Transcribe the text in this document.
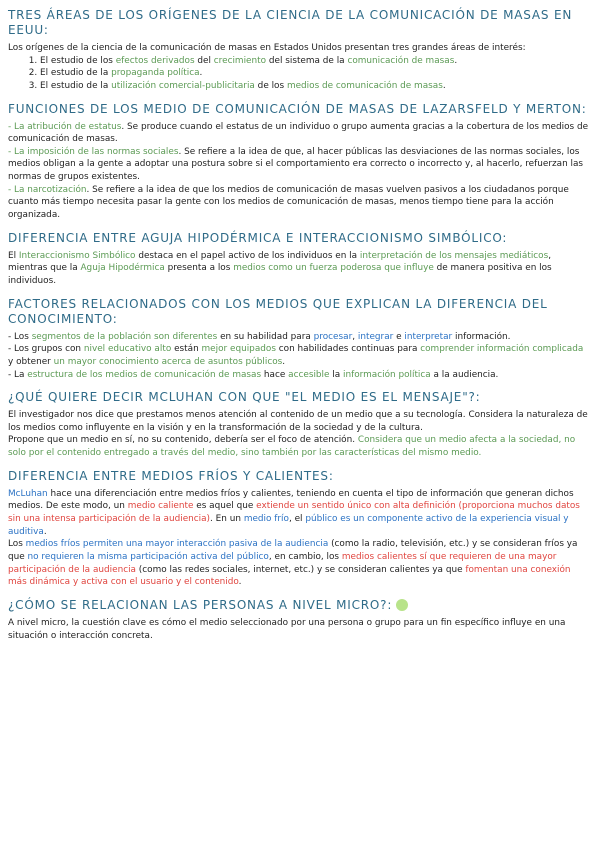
TRES ÁREAS DE LOS ORÍGENES DE LA CIENCIA DE LA COMUNICACIÓN DE MASAS EN EEUU:

Los orígenes de la ciencia de la comunicación de masas en Estados Unidos presentan tres grandes áreas de interés:

1. El estudio de los efectos derivados del crecimiento del sistema de la comunicación de masas.
2. El estudio de la propaganda política.
3. El estudio de la utilización comercial-publicitaria de los medios de comunicación de masas.
FUNCIONES DE LOS MEDIO DE COMUNICACIÓN DE MASAS DE LAZARSFELD Y MERTON:

- La atribución de estatus. Se produce cuando el estatus de un individuo o grupo aumenta gracias a la cobertura de los medios de comunicación de masas.

- La imposición de las normas sociales. Se refiere a la idea de que, al hacer públicas las desviaciones de las normas sociales, los medios obligan a la gente a adoptar una postura sobre si el comportamiento era correcto o incorrecto y, al hacerlo, refuerzan las normas de grupos existentes.

- La narcotización. Se refiere a la idea de que los medios de comunicación de masas vuelven pasivos a los ciudadanos porque cuanto más tiempo necesita pasar la gente con los medios de comunicación de masas, menos tiempo tiene para la acción organizada.

DIFERENCIA ENTRE AGUJA HIPODÉRMICA E INTERACCIONISMO SIMBÓLICO:

El Interaccionismo Simbólico destaca en el papel activo de los individuos en la interpretación de los mensajes mediáticos, mientras que la Aguja Hipodérmica presenta a los medios como un fuerza poderosa que influye de manera positiva en los individuos.

FACTORES RELACIONADOS CON LOS MEDIOS QUE EXPLICAN LA DIFERENCIA DEL CONOCIMIENTO:

- Los segmentos de la población son diferentes en su habilidad para procesar, integrar e interpretar información.

- Los grupos con nivel educativo alto están mejor equipados con habilidades continuas para comprender información complicada y obtener un mayor conocimiento acerca de asuntos públicos.

- La estructura de los medios de comunicación de masas hace accesible la información política a la audiencia.

¿QUÉ QUIERE DECIR MCLUHAN CON QUE "EL MEDIO ES EL MENSAJE"?:

El investigador nos dice que prestamos menos atención al contenido de un medio que a su tecnología. Considera la naturaleza de los medios como influyente en la visión y en la transformación de la sociedad y de la cultura.

Propone que un medio en sí, no su contenido, debería ser el foco de atención. Considera que un medio afecta a la sociedad, no solo por el contenido entregado a través del medio, sino también por las características del mismo medio.

DIFERENCIA ENTRE MEDIOS FRÍOS Y CALIENTES:

McLuhan hace una diferenciación entre medios fríos y calientes, teniendo en cuenta el tipo de información que generan dichos medios. De este modo, un medio caliente es aquel que extiende un sentido único con alta definición (proporciona muchos datos sin una intensa participación de la audiencia). En un medio frío, el público es un componente activo de la experiencia visual y auditiva.

Los medios fríos permiten una mayor interacción pasiva de la audiencia (como la radio, televisión, etc.) y se consideran fríos ya que no requieren la misma participación activa del público, en cambio, los medios calientes sí que requieren de una mayor participación de la audiencia (como las redes sociales, internet, etc.) y se consideran calientes ya que fomentan una conexión más dinámica y activa con el usuario y el contenido.

¿CÓMO SE RELACIONAN LAS PERSONAS A NIVEL MICRO?:

A nivel micro, la cuestión clave es cómo el medio seleccionado por una persona o grupo para un fin específico influye en una situación o interacción concreta.
